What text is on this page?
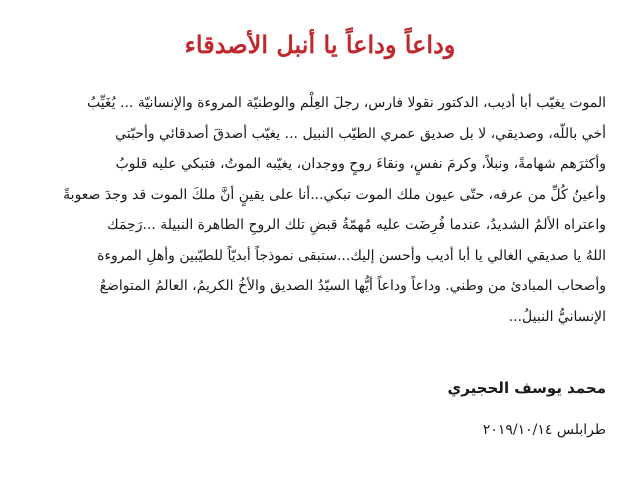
وداعاً وداعاً يا أنبل الأصدقاء
الموت يغيّب أبا أديب، الدكتور نقولا فارس، رجلَ العِلْم والوطنيّة المروءة والإنسانيّة ... يُغَيِّبُ
أخي باللّه، وصديقي، لا بل صديق عمري الطيّب النبيل ... يغيّب أصدقَ أصدقائي وأحبّتي
وأكثرَهم شهامةً، ونبلاً، وكرمَ نفسٍ، ونقاءَ روحٍ ووجدان، يغيّبه الموتُ، فتبكي عليه قلوبُ
وأعينُ كُلِّ من عرفه، حتّى عيون ملك الموت تبكي...أنا على يقينٍ أنَّ ملكَ الموت قد وجدَ صعوبةً
واعتراه الألمُ الشديدُ، عندما فُرِضَت عليه مُهمّةُ قبضِ تلك الروحِ الطاهرة النبيلة ...رَحِمَك
اللهُ يا صديقي الغالي يا أبا أديب وأحسن إليك...ستبقى نموذجاً أبديّاً للطيّبين وأهلِ المروءة
وأصحاب المبادئ من وطني. وداعاً وداعاً أيُّها السيّدُ الصديق والأخُ الكريمُ، العالمُ المتواضعُ
الإنسانيُّ النبيلُ...

محمد يوسف الحجيري

طرابلس ٢٠١٩/١٠/١٤
